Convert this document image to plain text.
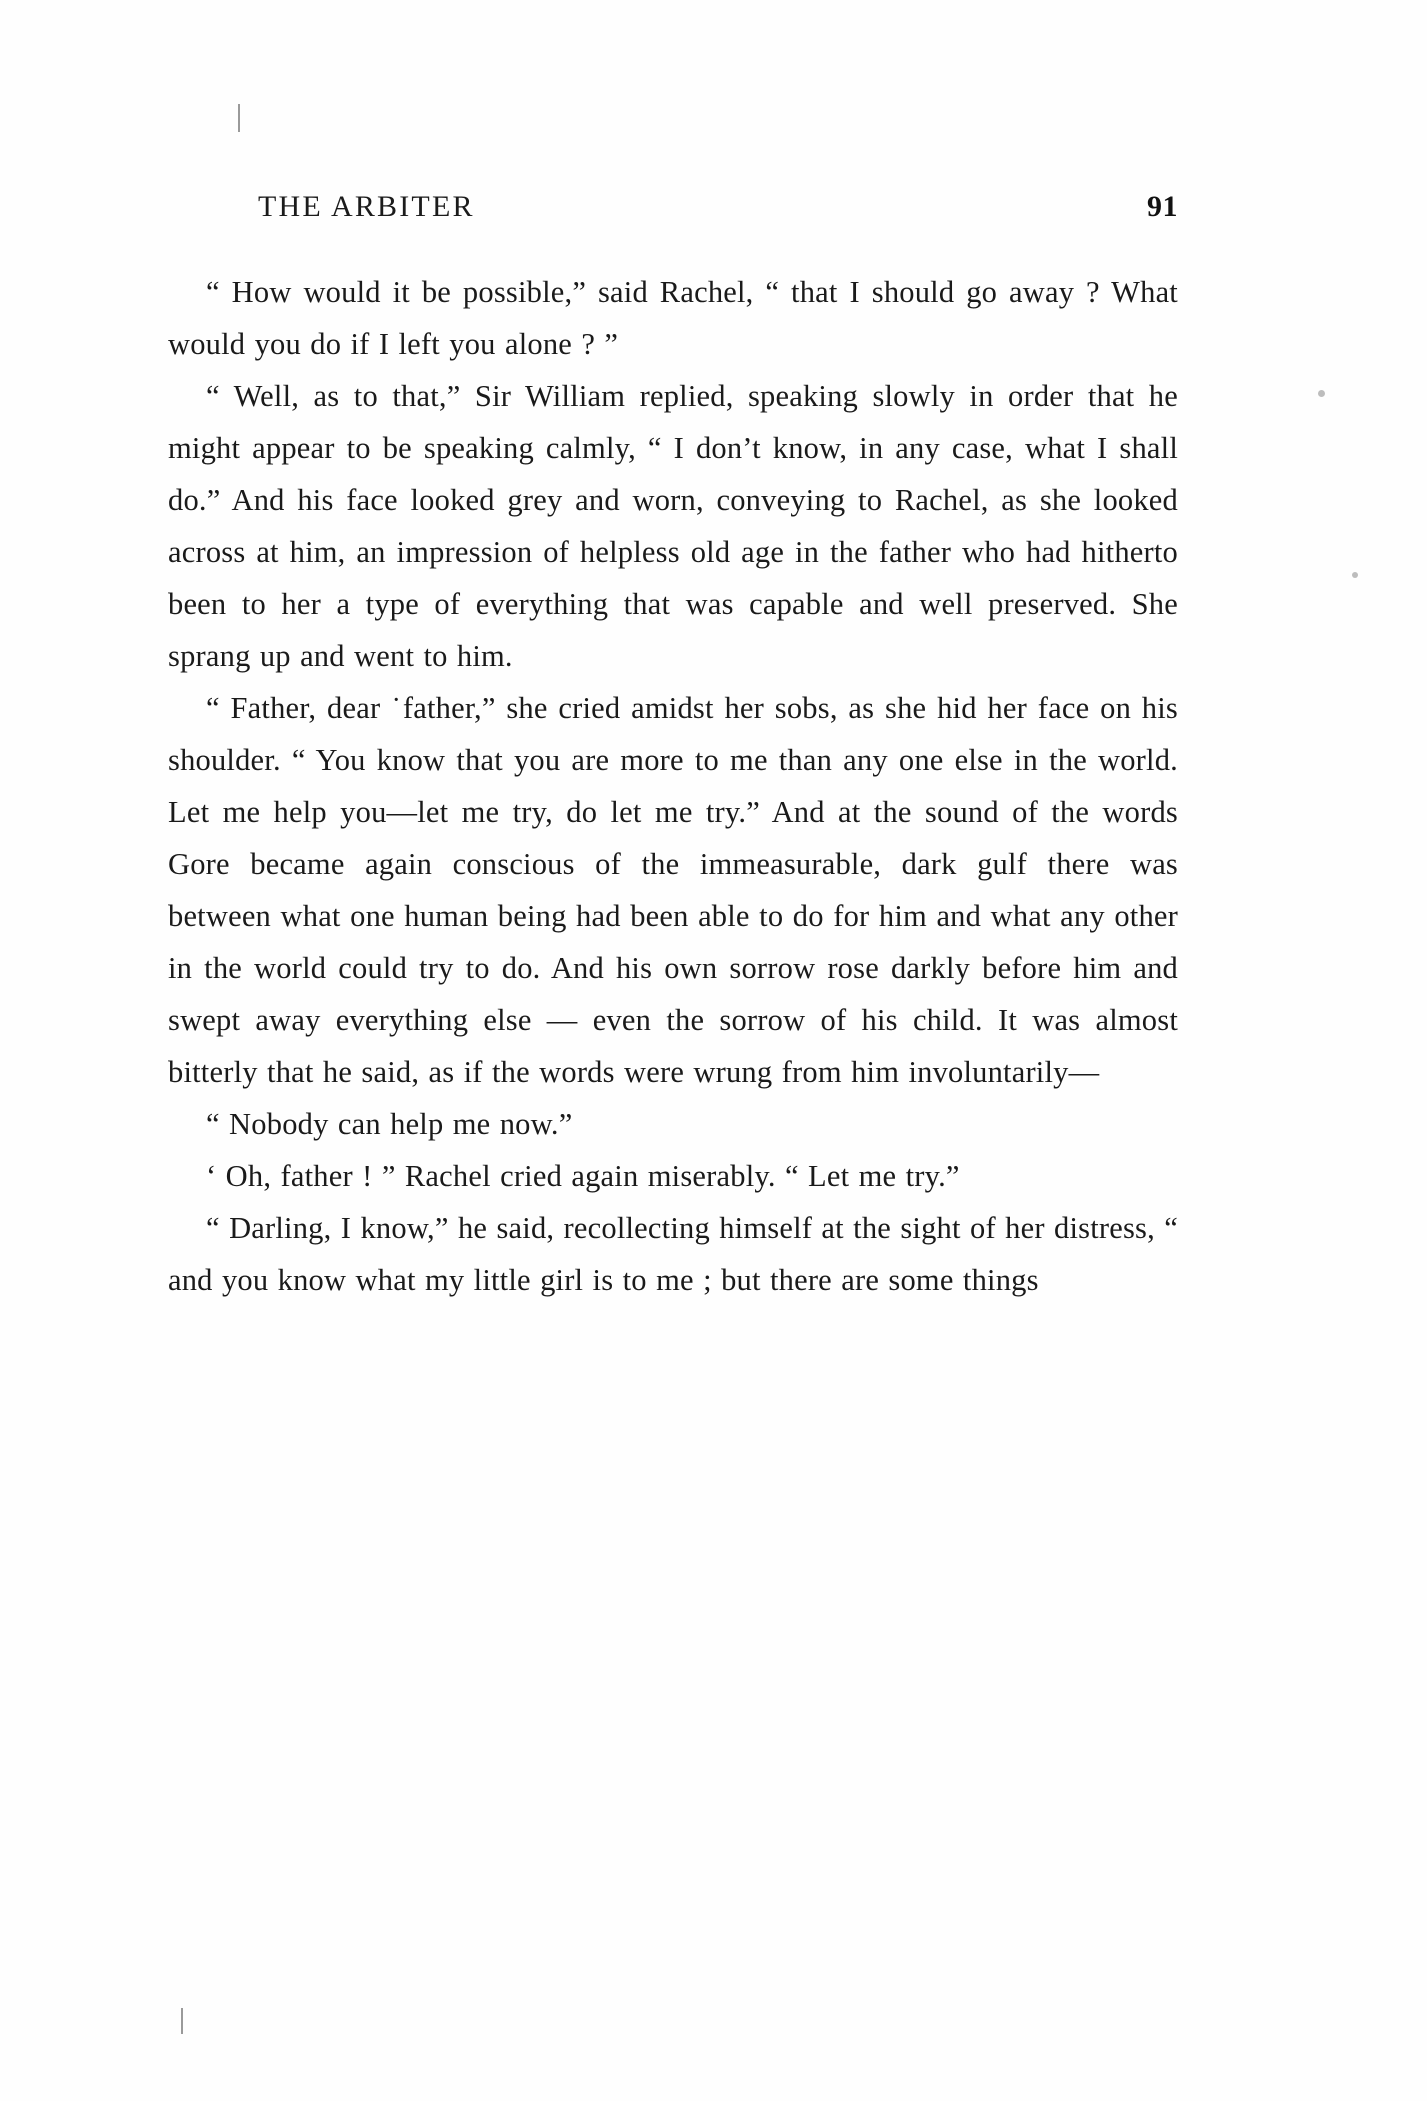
THE ARBITER	91

“ How would it be possible,” said Rachel, “ that I should go away ? What would you do if I left you alone ? ”

“ Well, as to that,” Sir William replied, speaking slowly in order that he might appear to be speaking calmly, “ I don’t know, in any case, what I shall do.” And his face looked grey and worn, conveying to Rachel, as she looked across at him, an impression of helpless old age in the father who had hitherto been to her a type of everything that was capable and well preserved. She sprang up and went to him.

“ Father, dear ˙father,” she cried amidst her sobs, as she hid her face on his shoulder. “ You know that you are more to me than any one else in the world. Let me help you—let me try, do let me try.” And at the sound of the words Gore became again conscious of the immeasurable, dark gulf there was between what one human being had been able to do for him and what any other in the world could try to do. And his own sorrow rose darkly before him and swept away everything else — even the sorrow of his child. It was almost bitterly that he said, as if the words were wrung from him involuntarily—

“ Nobody can help me now.”

‘ Oh, father ! ” Rachel cried again miserably. “ Let me try.”

“ Darling, I know,” he said, recollecting himself at the sight of her distress, “ and you know what my little girl is to me ; but there are some things
